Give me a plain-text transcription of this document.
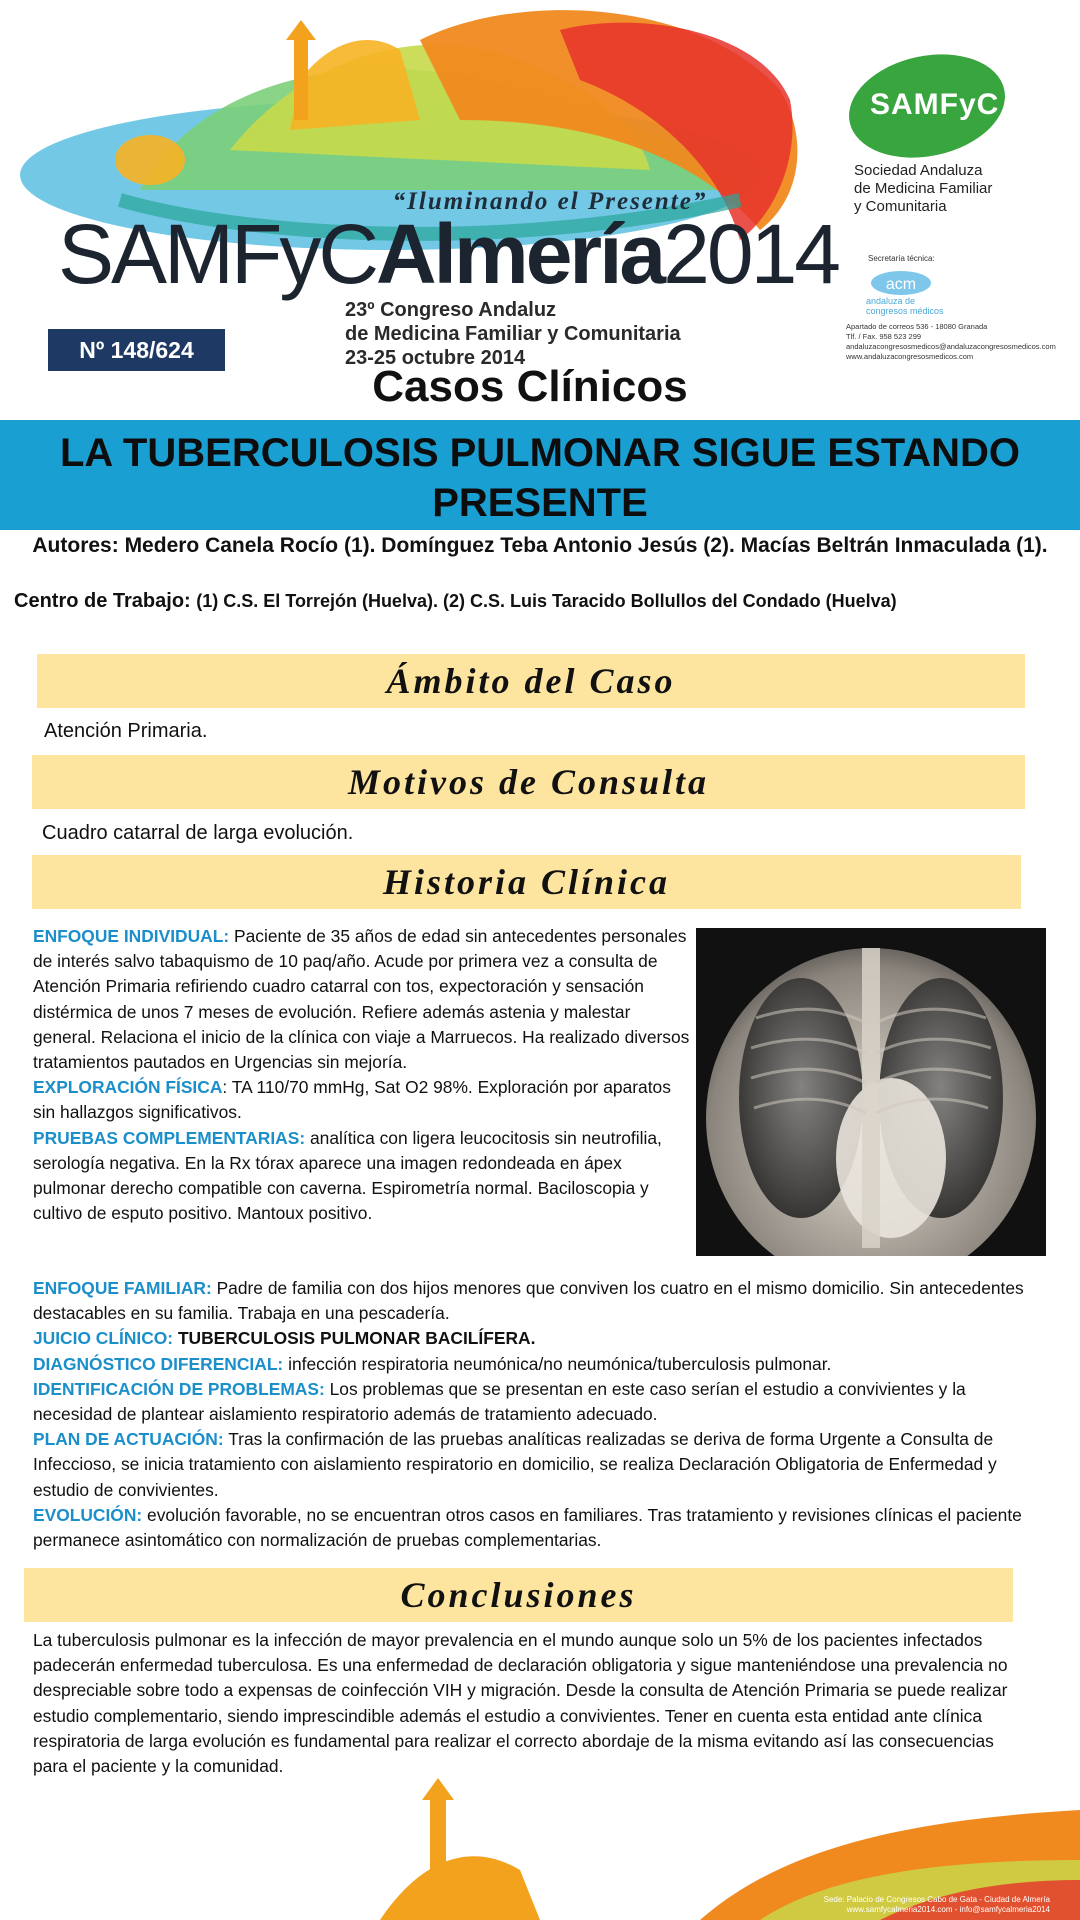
“Iluminando el Presente”
SAMFyCAlmería2014
23º Congreso Andaluz
de Medicina Familiar y Comunitaria
23-25 octubre 2014
Nº 148/624
SAMFyC
Sociedad Andaluza
de Medicina Familiar
y Comunitaria
Secretaría técnica:
acm
andaluza de congresos médicos
Apartado de correos 536 - 18080 Granada
Tlf. / Fax. 958 523 299
andaluzacongresosmedicos@andaluzacongresosmedicos.com
www.andaluzacongresosmedicos.com
Casos Clínicos
LA TUBERCULOSIS PULMONAR SIGUE ESTANDO PRESENTE
Autores: Medero Canela Rocío (1). Domínguez Teba Antonio Jesús (2). Macías Beltrán Inmaculada (1).
Centro de Trabajo: (1) C.S. El Torrejón (Huelva). (2) C.S. Luis Taracido Bollullos del Condado (Huelva)
Ámbito del Caso
Atención Primaria.
Motivos de Consulta
Cuadro catarral de larga evolución.
Historia Clínica
ENFOQUE INDIVIDUAL: Paciente de 35 años de edad sin antecedentes personales de interés salvo tabaquismo de 10 paq/año. Acude por primera vez a consulta de Atención Primaria refiriendo cuadro catarral con tos, expectoración y sensación distérmica de unos 7 meses de evolución. Refiere además astenia y malestar general. Relaciona el inicio de la clínica con viaje a Marruecos. Ha realizado diversos tratamientos pautados en Urgencias sin mejoría.
EXPLORACIÓN FÍSICA: TA 110/70 mmHg, Sat O2 98%. Exploración por aparatos sin hallazgos significativos.
PRUEBAS COMPLEMENTARIAS: analítica con ligera leucocitosis sin neutrofilia, serología negativa. En la Rx tórax aparece una imagen redondeada en ápex pulmonar derecho compatible con caverna. Espirometría normal. Baciloscopia y cultivo de esputo positivo. Mantoux positivo.
ENFOQUE FAMILIAR: Padre de familia con dos hijos menores que conviven los cuatro en el mismo domicilio. Sin antecedentes destacables en su familia. Trabaja en una pescadería.
JUICIO CLÍNICO: TUBERCULOSIS PULMONAR BACILÍFERA.
DIAGNÓSTICO DIFERENCIAL: infección respiratoria neumónica/no neumónica/tuberculosis pulmonar.
IDENTIFICACIÓN DE PROBLEMAS: Los problemas que se presentan en este caso serían el estudio a convivientes y la necesidad de plantear aislamiento respiratorio además de tratamiento adecuado.
PLAN DE ACTUACIÓN: Tras la confirmación de las pruebas analíticas realizadas se deriva de forma Urgente a Consulta de Infeccioso, se inicia tratamiento con aislamiento respiratorio en domicilio, se realiza Declaración Obligatoria de Enfermedad y estudio de convivientes.
EVOLUCIÓN: evolución favorable, no se encuentran otros casos en familiares. Tras tratamiento y revisiones clínicas el paciente permanece asintomático con normalización de pruebas complementarias.
Conclusiones
La tuberculosis pulmonar es la infección de mayor prevalencia en el mundo aunque solo un 5% de los pacientes infectados padecerán enfermedad tuberculosa. Es una enfermedad de declaración obligatoria y sigue manteniéndose una prevalencia no despreciable sobre todo a expensas de coinfección VIH y migración. Desde la consulta de Atención Primaria se puede realizar estudio complementario, siendo imprescindible además el estudio a convivientes. Tener en cuenta esta entidad ante clínica respiratoria de larga evolución es fundamental para realizar el correcto abordaje de la misma evitando así las consecuencias para el paciente y la comunidad.
Sede: Palacio de Congresos Cabo de Gata - Ciudad de Almería
www.samfycalmeria2014.com - info@samfycalmeria2014
